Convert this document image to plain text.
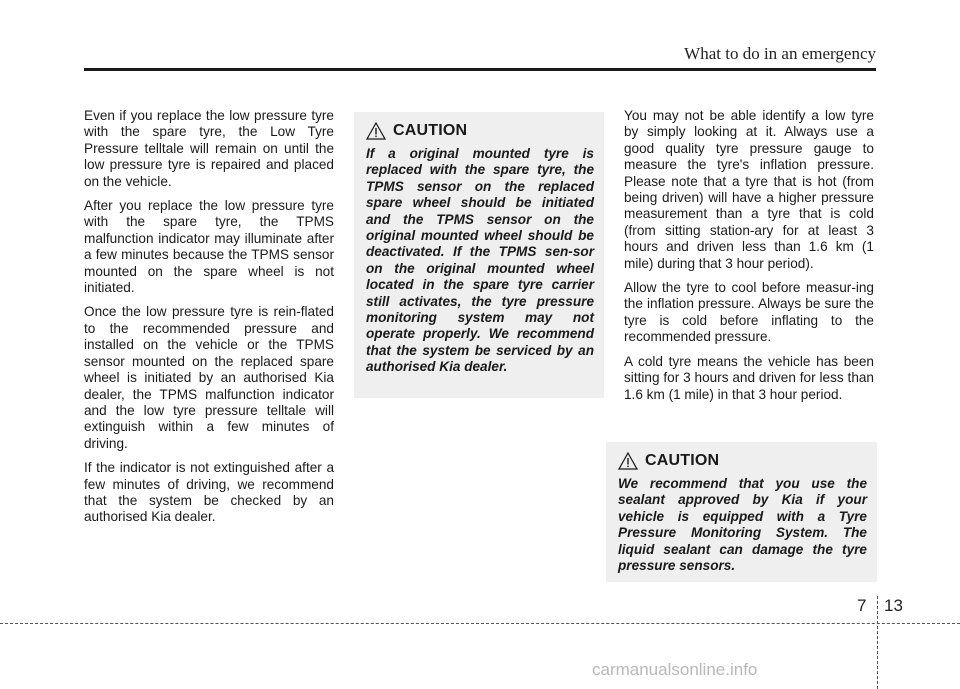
What to do in an emergency

Even if you replace the low pressure tyre with the spare tyre, the Low Tyre Pressure telltale will remain on until the low pressure tyre is repaired and placed on the vehicle.

After you replace the low pressure tyre with the spare tyre, the TPMS malfunction indicator may illuminate after a few minutes because the TPMS sensor mounted on the spare wheel is not initiated.

Once the low pressure tyre is rein-flated to the recommended pressure and installed on the vehicle or the TPMS sensor mounted on the replaced spare wheel is initiated by an authorised Kia dealer, the TPMS malfunction indicator and the low tyre pressure telltale will extinguish within a few minutes of driving.

If the indicator is not extinguished after a few minutes of driving, we recommend that the system be checked by an authorised Kia dealer.

CAUTION

If a original mounted tyre is replaced with the spare tyre, the TPMS sensor on the replaced spare wheel should be initiated and the TPMS sensor on the original mounted wheel should be deactivated. If the TPMS sen-sor on the original mounted wheel located in the spare tyre carrier still activates, the tyre pressure monitoring system may not operate properly. We recommend that the system be serviced by an authorised Kia dealer.

You may not be able identify a low tyre by simply looking at it. Always use a good quality tyre pressure gauge to measure the tyre's inflation pressure. Please note that a tyre that is hot (from being driven) will have a higher pressure measurement than a tyre that is cold (from sitting station-ary for at least 3 hours and driven less than 1.6 km (1 mile) during that 3 hour period).

Allow the tyre to cool before measur-ing the inflation pressure. Always be sure the tyre is cold before inflating to the recommended pressure.

A cold tyre means the vehicle has been sitting for 3 hours and driven for less than 1.6 km (1 mile) in that 3 hour period.

CAUTION

We recommend that you use the sealant approved by Kia if your vehicle is equipped with a Tyre Pressure Monitoring System. The liquid sealant can damage the tyre pressure sensors.

7 13
carmanualsonline.info
